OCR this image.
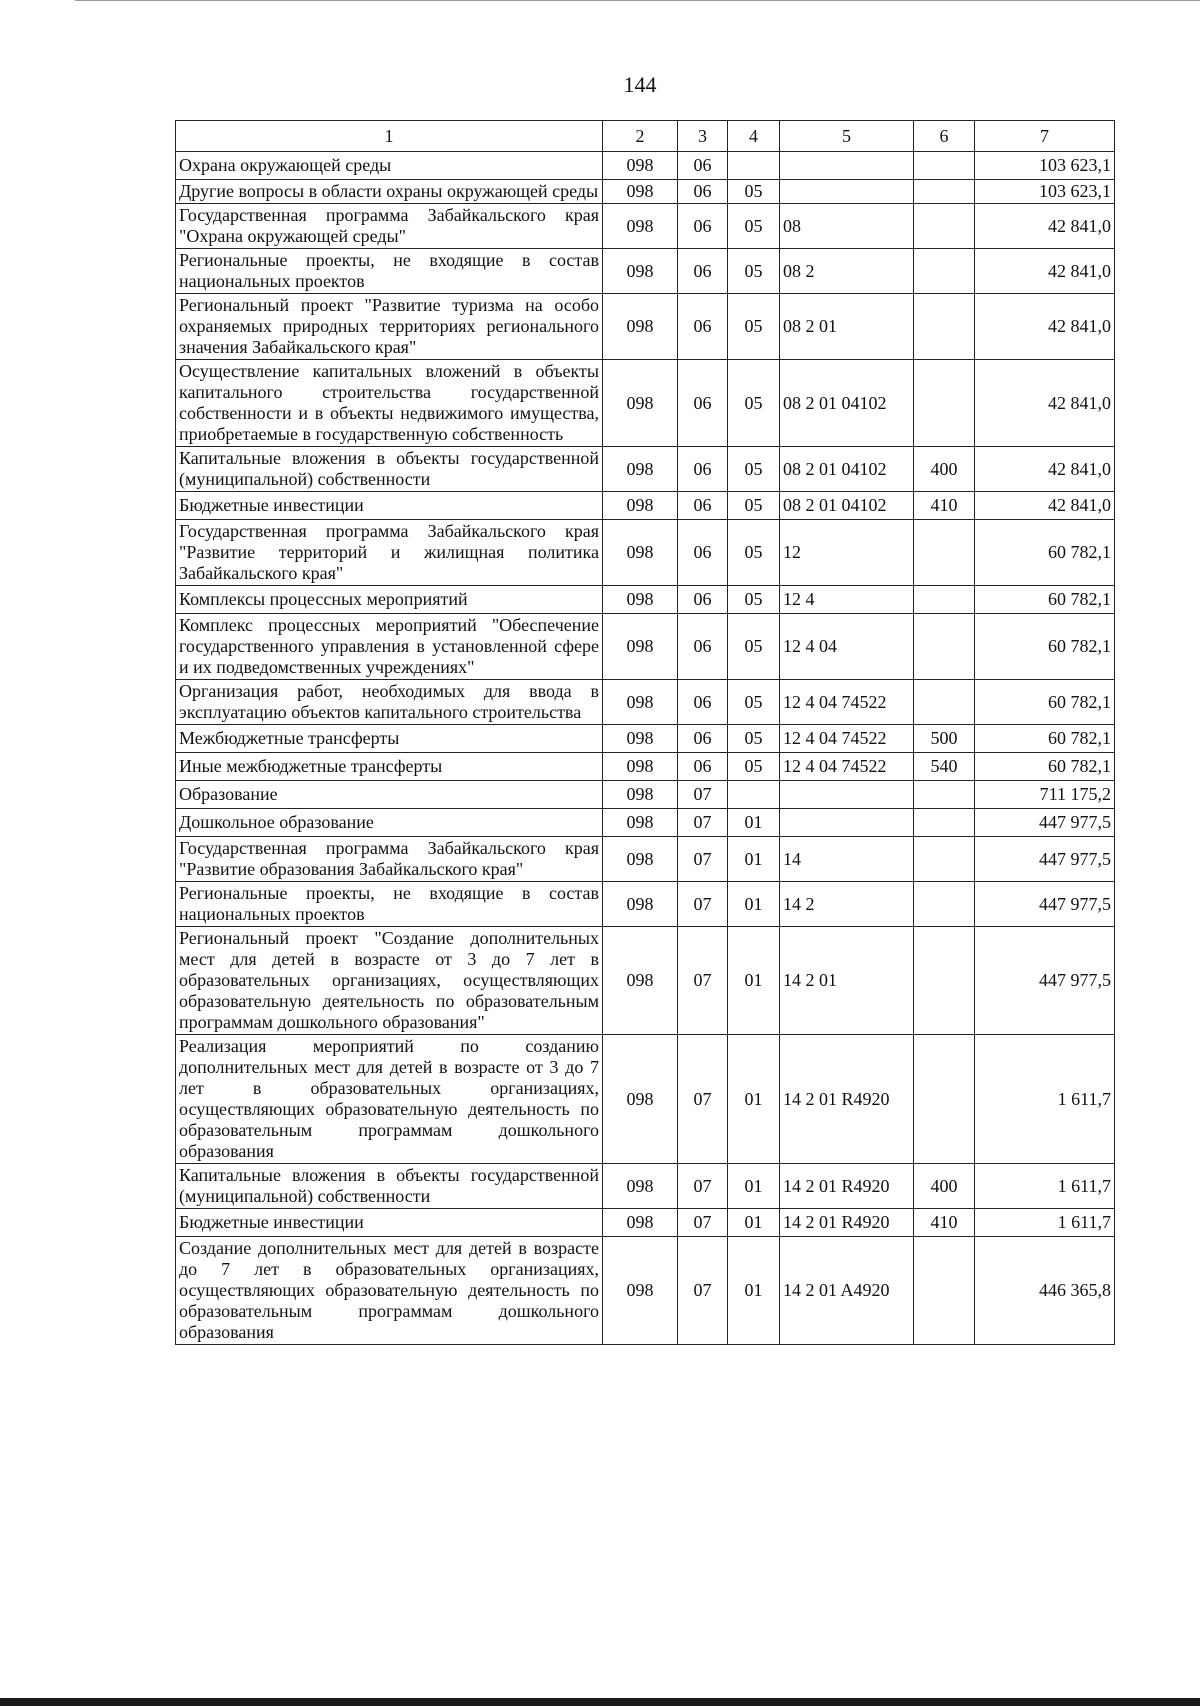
144
1	2	3	4	5	6	7
Охрана окружающей среды	098	06				103 623,1
Другие вопросы в области охраны окружающей среды	098	06	05			103 623,1
Государственная программа Забайкальского края "Охрана окружающей среды"	098	06	05	08		42 841,0
Региональные проекты, не входящие в состав национальных проектов	098	06	05	08 2		42 841,0
Региональный проект "Развитие туризма на особо охраняемых природных территориях регионального значения Забайкальского края"	098	06	05	08 2 01		42 841,0
Осуществление капитальных вложений в объекты капитального строительства государственной собственности и в объекты недвижимого имущества, приобретаемые в государственную собственность	098	06	05	08 2 01 04102		42 841,0
Капитальные вложения в объекты государственной (муниципальной) собственности	098	06	05	08 2 01 04102	400	42 841,0
Бюджетные инвестиции	098	06	05	08 2 01 04102	410	42 841,0
Государственная программа Забайкальского края "Развитие территорий и жилищная политика Забайкальского края"	098	06	05	12		60 782,1
Комплексы процессных мероприятий	098	06	05	12 4		60 782,1
Комплекс процессных мероприятий "Обеспечение государственного управления в установленной сфере и их подведомственных учреждениях"	098	06	05	12 4 04		60 782,1
Организация работ, необходимых для ввода в эксплуатацию объектов капитального строительства	098	06	05	12 4 04 74522		60 782,1
Межбюджетные трансферты	098	06	05	12 4 04 74522	500	60 782,1
Иные межбюджетные трансферты	098	06	05	12 4 04 74522	540	60 782,1
Образование	098	07				711 175,2
Дошкольное образование	098	07	01			447 977,5
Государственная программа Забайкальского края "Развитие образования Забайкальского края"	098	07	01	14		447 977,5
Региональные проекты, не входящие в состав национальных проектов	098	07	01	14 2		447 977,5
Региональный проект "Создание дополнительных мест для детей в возрасте от 3 до 7 лет в образовательных организациях, осуществляющих образовательную деятельность по образовательным программам дошкольного образования"	098	07	01	14 2 01		447 977,5
Реализация мероприятий по созданию дополнительных мест для детей в возрасте от 3 до 7 лет в образовательных организациях, осуществляющих образовательную деятельность по образовательным программам дошкольного образования	098	07	01	14 2 01 R4920		1 611,7
Капитальные вложения в объекты государственной (муниципальной) собственности	098	07	01	14 2 01 R4920	400	1 611,7
Бюджетные инвестиции	098	07	01	14 2 01 R4920	410	1 611,7
Создание дополнительных мест для детей в возрасте до 7 лет в образовательных организациях, осуществляющих образовательную деятельность по образовательным программам дошкольного образования	098	07	01	14 2 01 A4920		446 365,8
